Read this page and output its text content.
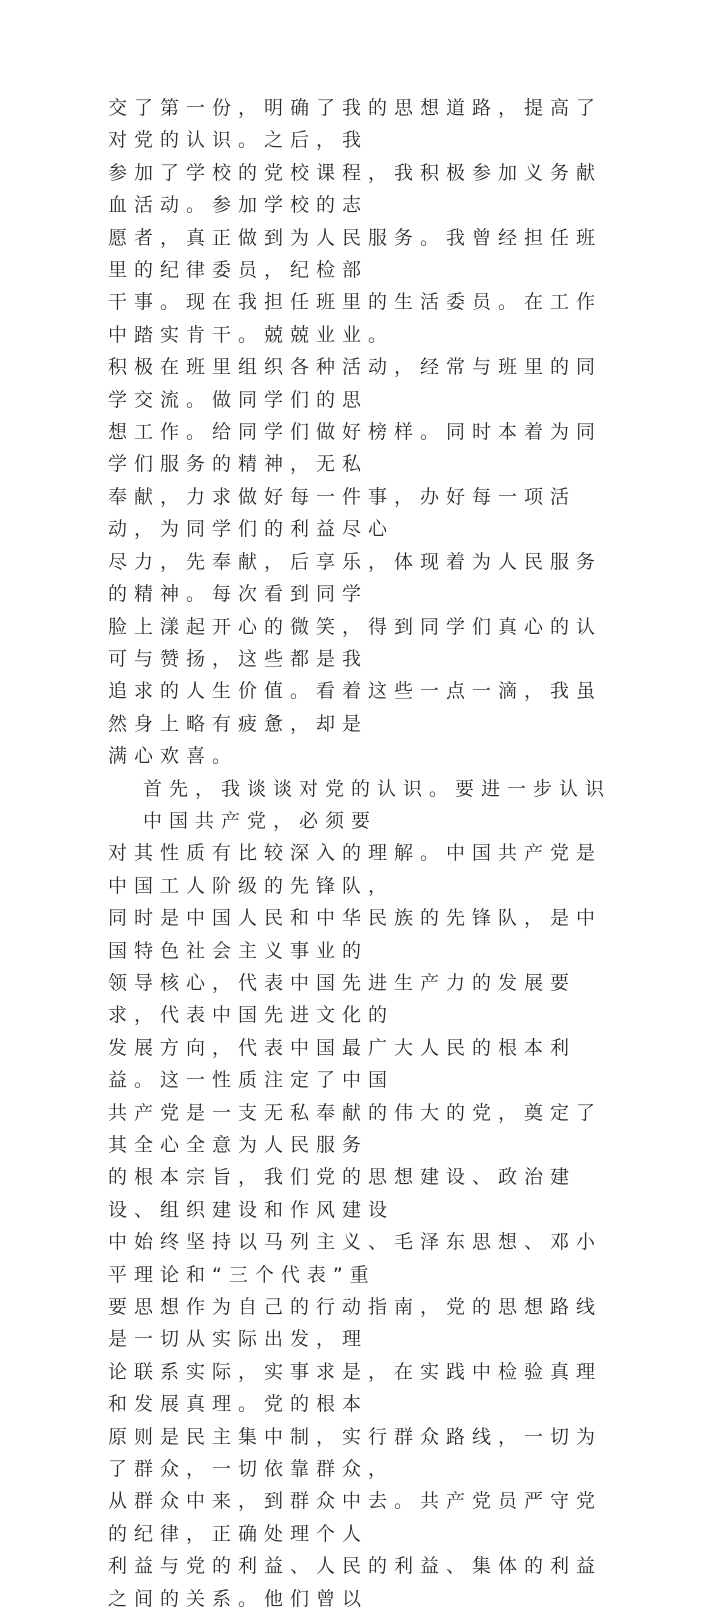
交了第一份，明确了我的思想道路，提高了对党的认识。之后，我
参加了学校的党校课程，我积极参加义务献血活动。参加学校的志
愿者，真正做到为人民服务。我曾经担任班里的纪律委员，纪检部
干事。现在我担任班里的生活委员。在工作中踏实肯干。兢兢业业。
积极在班里组织各种活动，经常与班里的同学交流。做同学们的思
想工作。给同学们做好榜样。同时本着为同学们服务的精神，无私
奉献，力求做好每一件事，办好每一项活动，为同学们的利益尽心
尽力，先奉献，后享乐，体现着为人民服务的精神。每次看到同学
脸上漾起开心的微笑，得到同学们真心的认可与赞扬，这些都是我
追求的人生价值。看着这些一点一滴，我虽然身上略有疲惫，却是
满心欢喜。
首先，我谈谈对党的认识。要进一步认识中国共产党，必须要
对其性质有比较深入的理解。中国共产党是中国工人阶级的先锋队，
同时是中国人民和中华民族的先锋队，是中国特色社会主义事业的
领导核心，代表中国先进生产力的发展要求，代表中国先进文化的
发展方向，代表中国最广大人民的根本利益。这一性质注定了中国
共产党是一支无私奉献的伟大的党，奠定了其全心全意为人民服务
的根本宗旨，我们党的思想建设、政治建设、组织建设和作风建设
中始终坚持以马列主义、毛泽东思想、邓小平理论和“三个代表”重
要思想作为自己的行动指南，党的思想路线是一切从实际出发，理
论联系实际，实事求是，在实践中检验真理和发展真理。党的根本
原则是民主集中制，实行群众路线，一切为了群众，一切依靠群众，
从群众中来，到群众中去。共产党员严守党的纪律，正确处理个人
利益与党的利益、人民的利益、集体的利益之间的关系。他们曾以
